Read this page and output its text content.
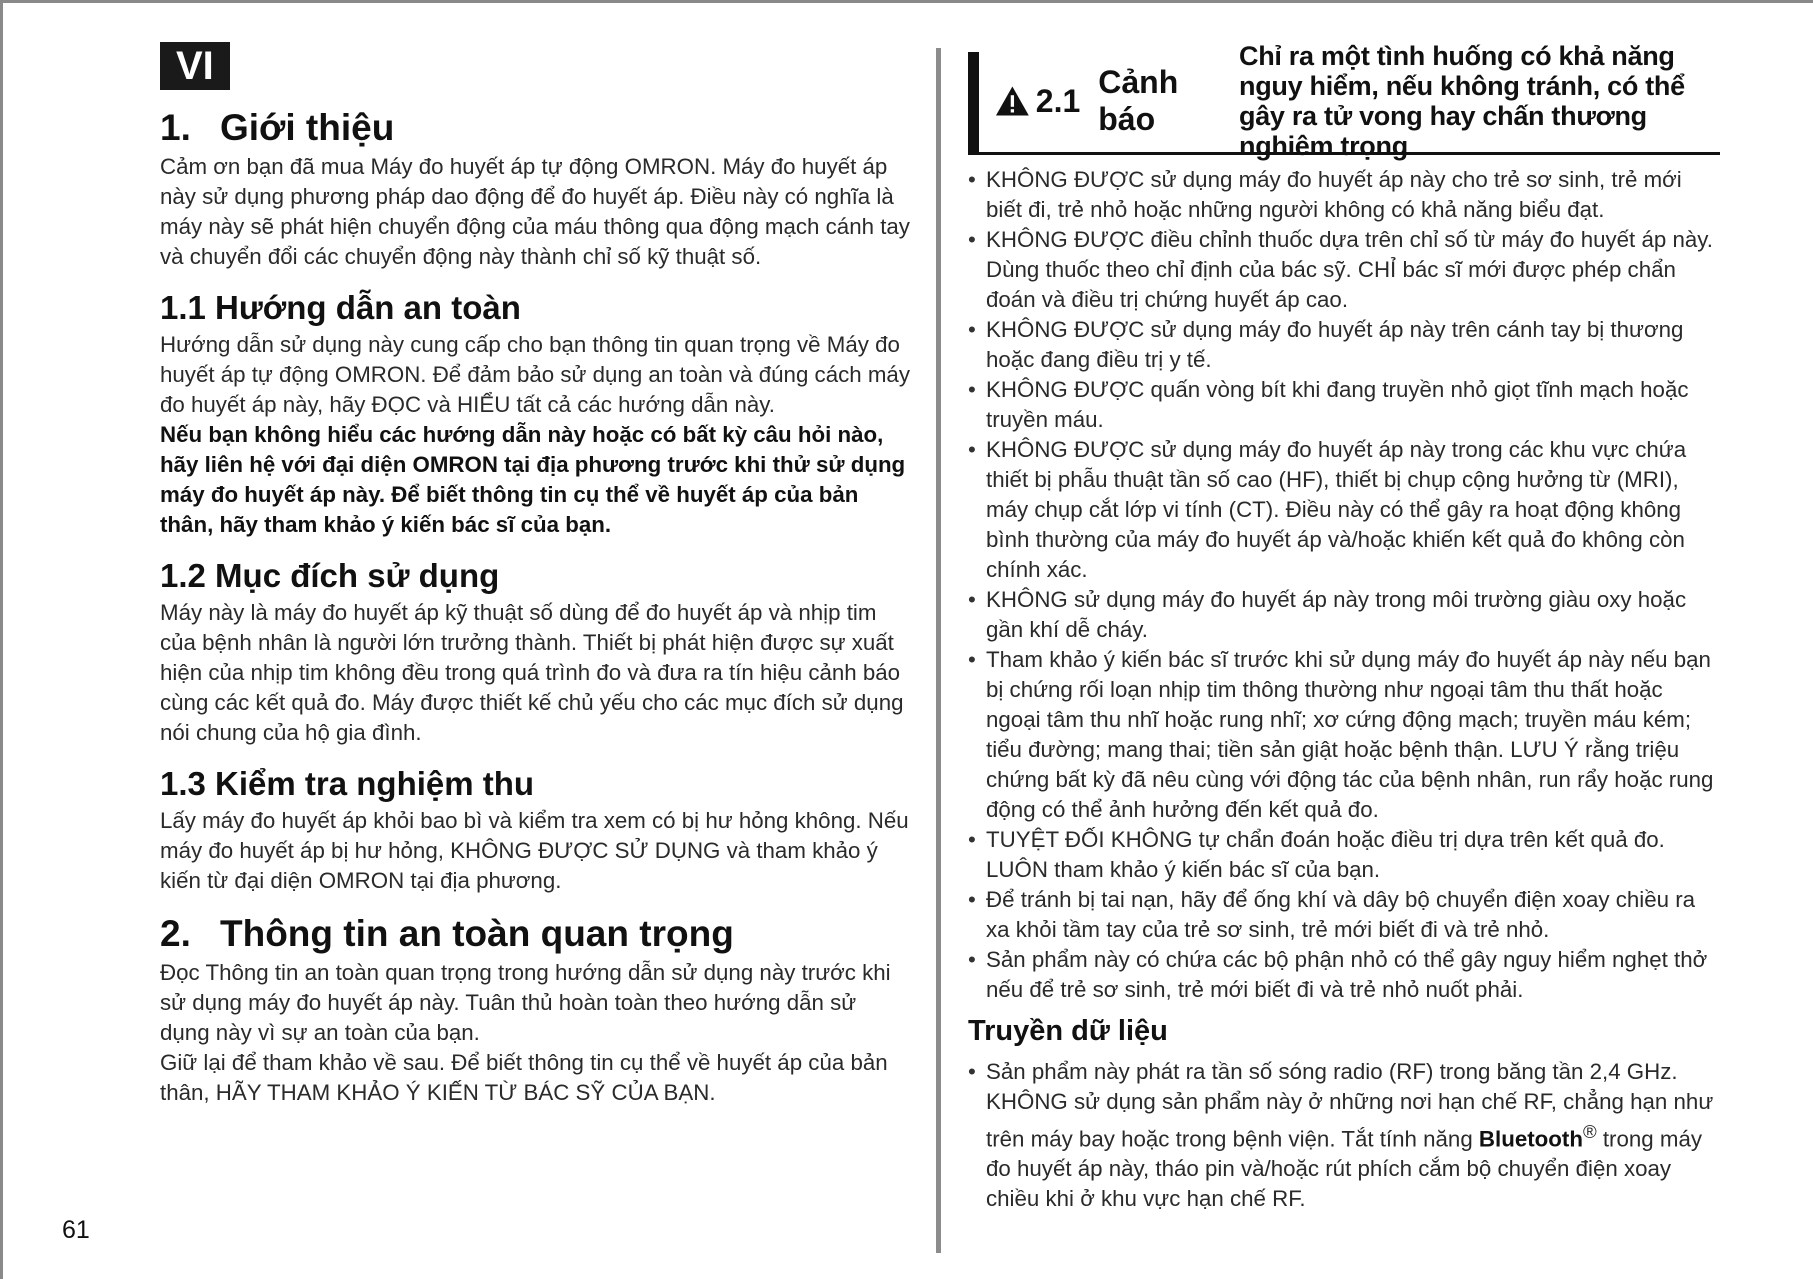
VI
1. Giới thiệu

Cảm ơn bạn đã mua Máy đo huyết áp tự động OMRON. Máy đo huyết áp này sử dụng phương pháp dao động để đo huyết áp. Điều này có nghĩa là máy này sẽ phát hiện chuyển động của máu thông qua động mạch cánh tay và chuyển đổi các chuyển động này thành chỉ số kỹ thuật số.

1.1 Hướng dẫn an toàn

Hướng dẫn sử dụng này cung cấp cho bạn thông tin quan trọng về Máy đo huyết áp tự động OMRON. Để đảm bảo sử dụng an toàn và đúng cách máy đo huyết áp này, hãy ĐỌC và HIỂU tất cả các hướng dẫn này.
Nếu bạn không hiểu các hướng dẫn này hoặc có bất kỳ câu hỏi nào, hãy liên hệ với đại diện OMRON tại địa phương trước khi thử sử dụng máy đo huyết áp này. Để biết thông tin cụ thể về huyết áp của bản thân, hãy tham khảo ý kiến bác sĩ của bạn.

1.2 Mục đích sử dụng

Máy này là máy đo huyết áp kỹ thuật số dùng để đo huyết áp và nhịp tim của bệnh nhân là người lớn trưởng thành. Thiết bị phát hiện được sự xuất hiện của nhịp tim không đều trong quá trình đo và đưa ra tín hiệu cảnh báo cùng các kết quả đo. Máy được thiết kế chủ yếu cho các mục đích sử dụng nói chung của hộ gia đình.

1.3 Kiểm tra nghiệm thu

Lấy máy đo huyết áp khỏi bao bì và kiểm tra xem có bị hư hỏng không. Nếu máy đo huyết áp bị hư hỏng, KHÔNG ĐƯỢC SỬ DỤNG và tham khảo ý kiến từ đại diện OMRON tại địa phương.

2. Thông tin an toàn quan trọng

Đọc Thông tin an toàn quan trọng trong hướng dẫn sử dụng này trước khi sử dụng máy đo huyết áp này. Tuân thủ hoàn toàn theo hướng dẫn sử dụng này vì sự an toàn của bạn.

Giữ lại để tham khảo về sau. Để biết thông tin cụ thể về huyết áp của bản thân, HÃY THAM KHẢO Ý KIẾN TỪ BÁC SỸ CỦA BẠN.

2.1
Cảnh báo
Chỉ ra một tình huống có khả năng nguy hiểm, nếu không tránh, có thể gây ra tử vong hay chấn thương nghiêm trọng
• KHÔNG ĐƯỢC sử dụng máy đo huyết áp này cho trẻ sơ sinh, trẻ mới biết đi, trẻ nhỏ hoặc những người không có khả năng biểu đạt.
• KHÔNG ĐƯỢC điều chỉnh thuốc dựa trên chỉ số từ máy đo huyết áp này. Dùng thuốc theo chỉ định của bác sỹ. CHỈ bác sĩ mới được phép chẩn đoán và điều trị chứng huyết áp cao.
• KHÔNG ĐƯỢC sử dụng máy đo huyết áp này trên cánh tay bị thương hoặc đang điều trị y tế.
• KHÔNG ĐƯỢC quấn vòng bít khi đang truyền nhỏ giọt tĩnh mạch hoặc truyền máu.
• KHÔNG ĐƯỢC sử dụng máy đo huyết áp này trong các khu vực chứa thiết bị phẫu thuật tần số cao (HF), thiết bị chụp cộng hưởng từ (MRI), máy chụp cắt lớp vi tính (CT). Điều này có thể gây ra hoạt động không bình thường của máy đo huyết áp và/hoặc khiến kết quả đo không còn chính xác.
• KHÔNG sử dụng máy đo huyết áp này trong môi trường giàu oxy hoặc gần khí dễ cháy.
• Tham khảo ý kiến bác sĩ trước khi sử dụng máy đo huyết áp này nếu bạn bị chứng rối loạn nhịp tim thông thường như ngoại tâm thu thất hoặc ngoại tâm thu nhĩ hoặc rung nhĩ; xơ cứng động mạch; truyền máu kém; tiểu đường; mang thai; tiền sản giật hoặc bệnh thận. LƯU Ý rằng triệu chứng bất kỳ đã nêu cùng với động tác của bệnh nhân, run rẩy hoặc rung động có thể ảnh hưởng đến kết quả đo.
• TUYỆT ĐỐI KHÔNG tự chẩn đoán hoặc điều trị dựa trên kết quả đo. LUÔN tham khảo ý kiến bác sĩ của bạn.
• Để tránh bị tai nạn, hãy để ống khí và dây bộ chuyển điện xoay chiều ra xa khỏi tầm tay của trẻ sơ sinh, trẻ mới biết đi và trẻ nhỏ.
• Sản phẩm này có chứa các bộ phận nhỏ có thể gây nguy hiểm nghẹt thở nếu để trẻ sơ sinh, trẻ mới biết đi và trẻ nhỏ nuốt phải.
Truyền dữ liệu
• Sản phẩm này phát ra tần số sóng radio (RF) trong băng tần 2,4 GHz. KHÔNG sử dụng sản phẩm này ở những nơi hạn chế RF, chẳng hạn như trên máy bay hoặc trong bệnh viện. Tắt tính năng Bluetooth® trong máy đo huyết áp này, tháo pin và/hoặc rút phích cắm bộ chuyển điện xoay chiều khi ở khu vực hạn chế RF.
61
